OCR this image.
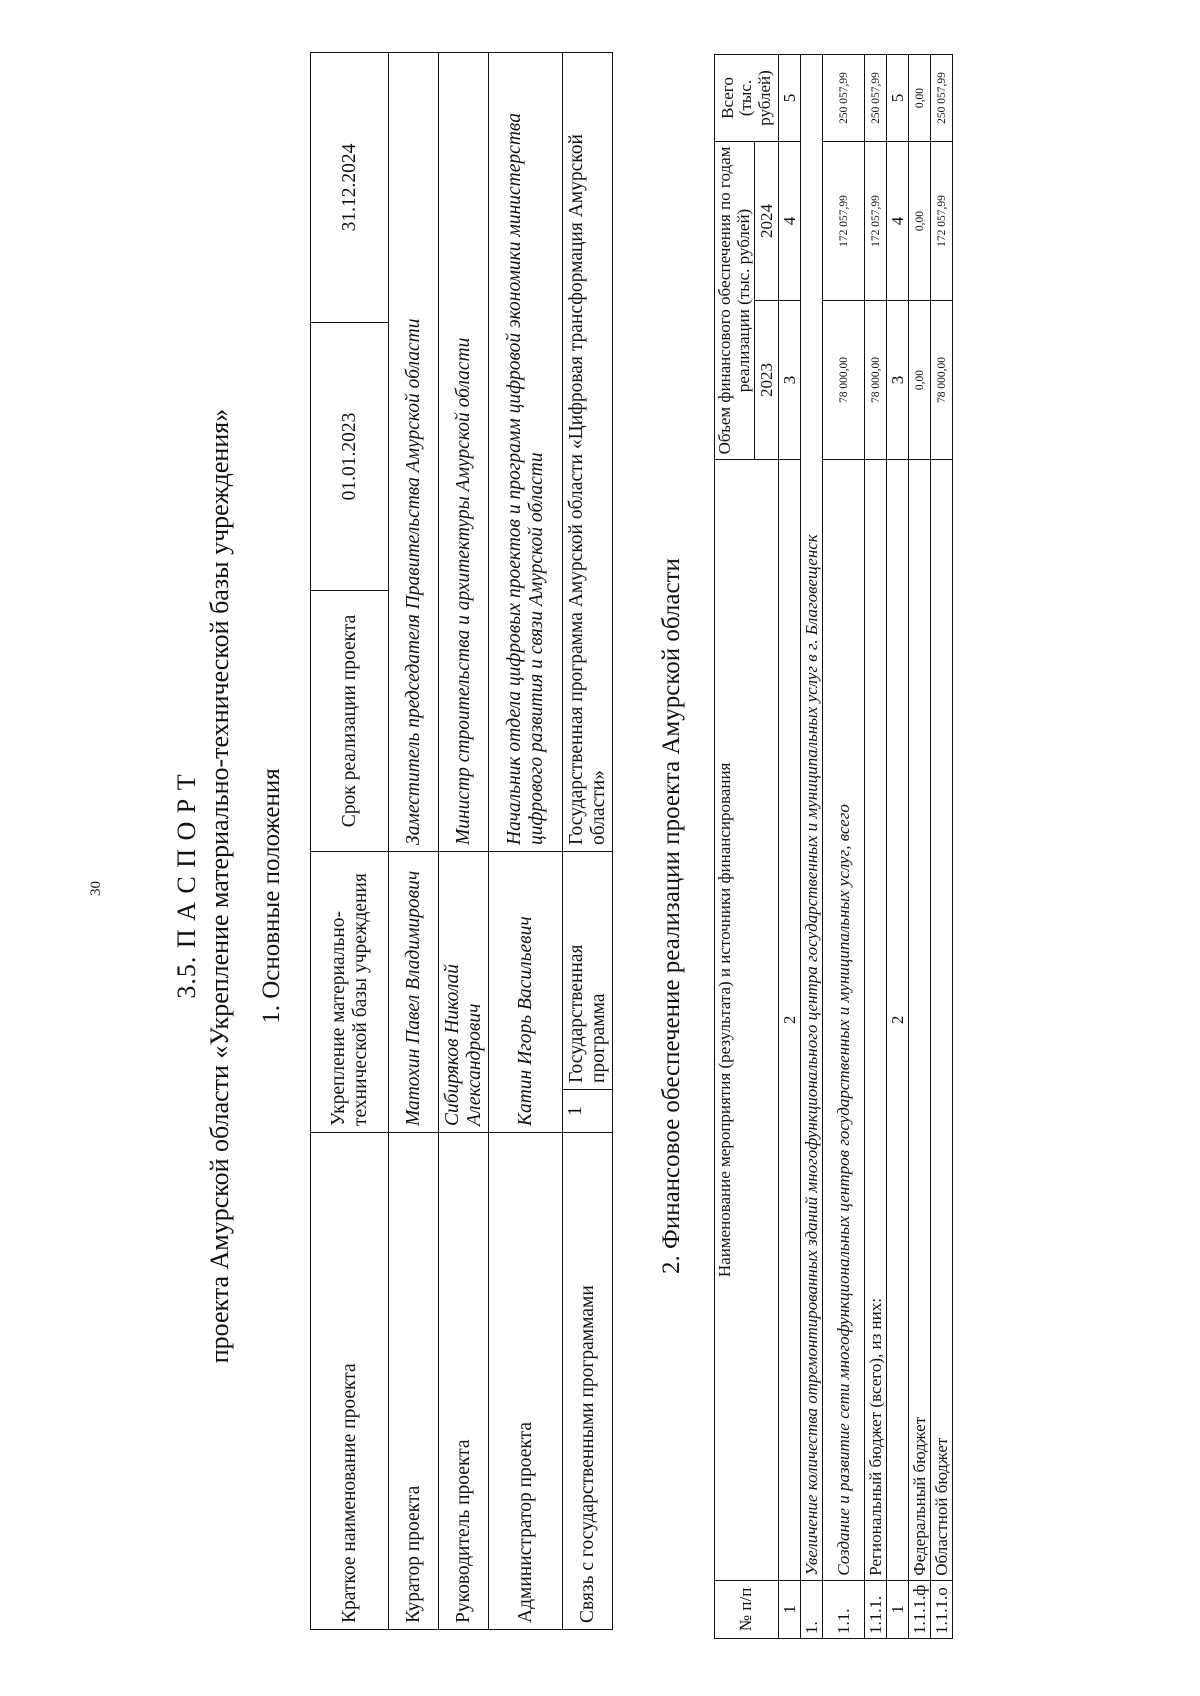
30	3.5. П А С П О Р Т проекта Амурской области «Укрепление материально-технической базы учреждения» 1. Основные положения
Краткое наименование проекта	Укрепление материально-технической базы учреждения		Срок реализации проекта	01.01.2023	31.12.2024
Куратор проекта	Матохин Павел Владимирович		Заместитель председателя Правительства Амурской области		
Руководитель проекта	Сибиряков Николай Александрович		Министр строительства и архитектуры Амурской области		
Администратор проекта	Катин Игорь Васильевич		Начальник отдела цифровых проектов и программ цифровой экономики министерства цифрового развития и связи Амурской области		
Связь с государственными программами	1	Государственная программа	Государственная программа Амурской области «Цифровая трансформация Амурской области»		2. Финансовое обеспечение реализации проекта Амурской области
№ п/п	Наименование мероприятия (результата) и источники финансирования	Объем финансового обеспечения по годам реализации (тыс. рублей)		Всего (тыс. рублей)
		2023	2024	
1	2	3	4	5
1.	Увеличение количества отремонтированных зданий многофункционального центра государственных и муниципальных услуг в г. Благовещенск			
1.1.	Создание и развитие сети многофункциональных центров государственных и муниципальных услуг, всего	78 000,00	172 057,99	250 057,99
1.1.1.	Региональный бюджет (всего), из них:	78 000,00	172 057,99	250 057,99
1	2	3	4	5
1.1.1.ф	Федеральный бюджет	0,00	0,00	0,00
1.1.1.о	Областной бюджет	78 000,00	172 057,99	250 057,99
